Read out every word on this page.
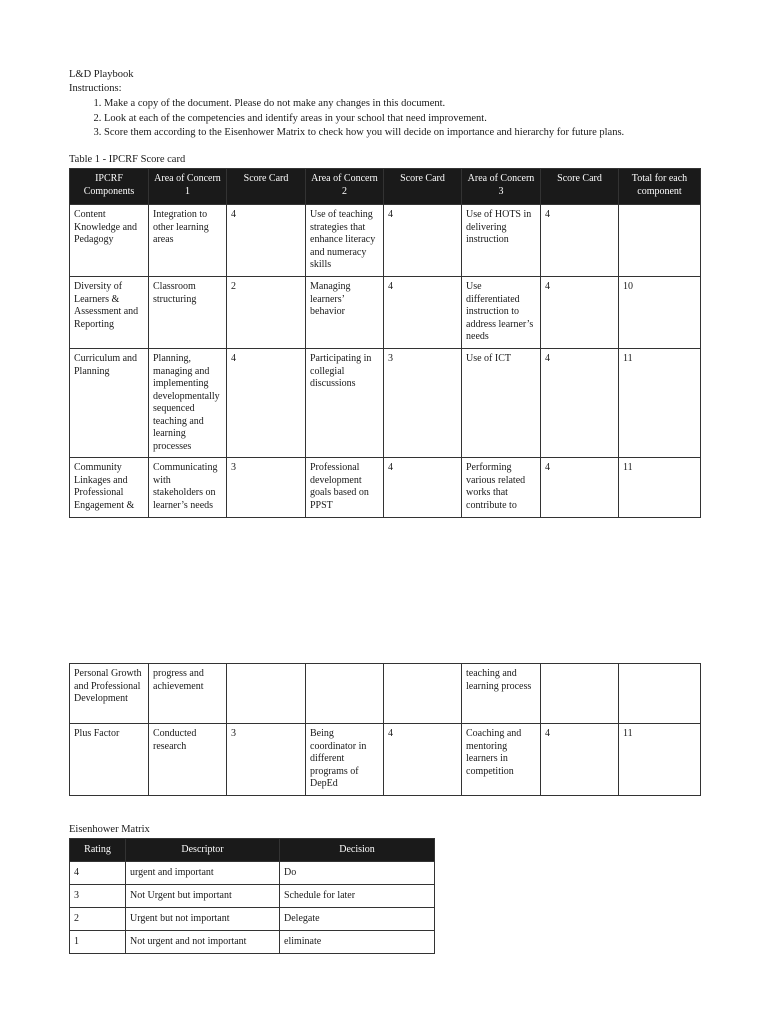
L&D Playbook
Instructions:
1. Make a copy of the document. Please do not make any changes in this document.
2. Look at each of the competencies and identify areas in your school that need improvement.
3. Score them according to the Eisenhower Matrix to check how you will decide on importance and hierarchy for future plans.
Table 1 - IPCRF Score card
IPCRF Components	Area of Concern 1	Score Card	Area of Concern 2	Score Card	Area of Concern 3	Score Card	Total for each component
Content Knowledge and Pedagogy	Integration to other learning areas	4	Use of teaching strategies that enhance literacy and numeracy skills	4	Use of HOTS in delivering instruction	4	
Diversity of Learners & Assessment and Reporting	Classroom structuring	2	Managing learners’ behavior	4	Use differentiated instruction to address learner’s needs	4	10
Curriculum and Planning	Planning, managing and implementing developmentally sequenced teaching and learning processes	4	Participating in collegial discussions	3	Use of ICT	4	11
Community Linkages and Professional Engagement &	Communicating with stakeholders on learner’s needs	3	Professional development goals based on PPST	4	Performing various related works that contribute to	4	11
Personal Growth and Professional Development	progress and achievement				teaching and learning process		
Plus Factor	Conducted research	3	Being coordinator in different programs of DepEd	4	Coaching and mentoring learners in competition	4	11
Eisenhower Matrix
Rating	Descriptor	Decision
4	urgent and important	Do
3	Not Urgent but important	Schedule for later
2	Urgent but not important	Delegate
1	Not urgent and not important	eliminate
